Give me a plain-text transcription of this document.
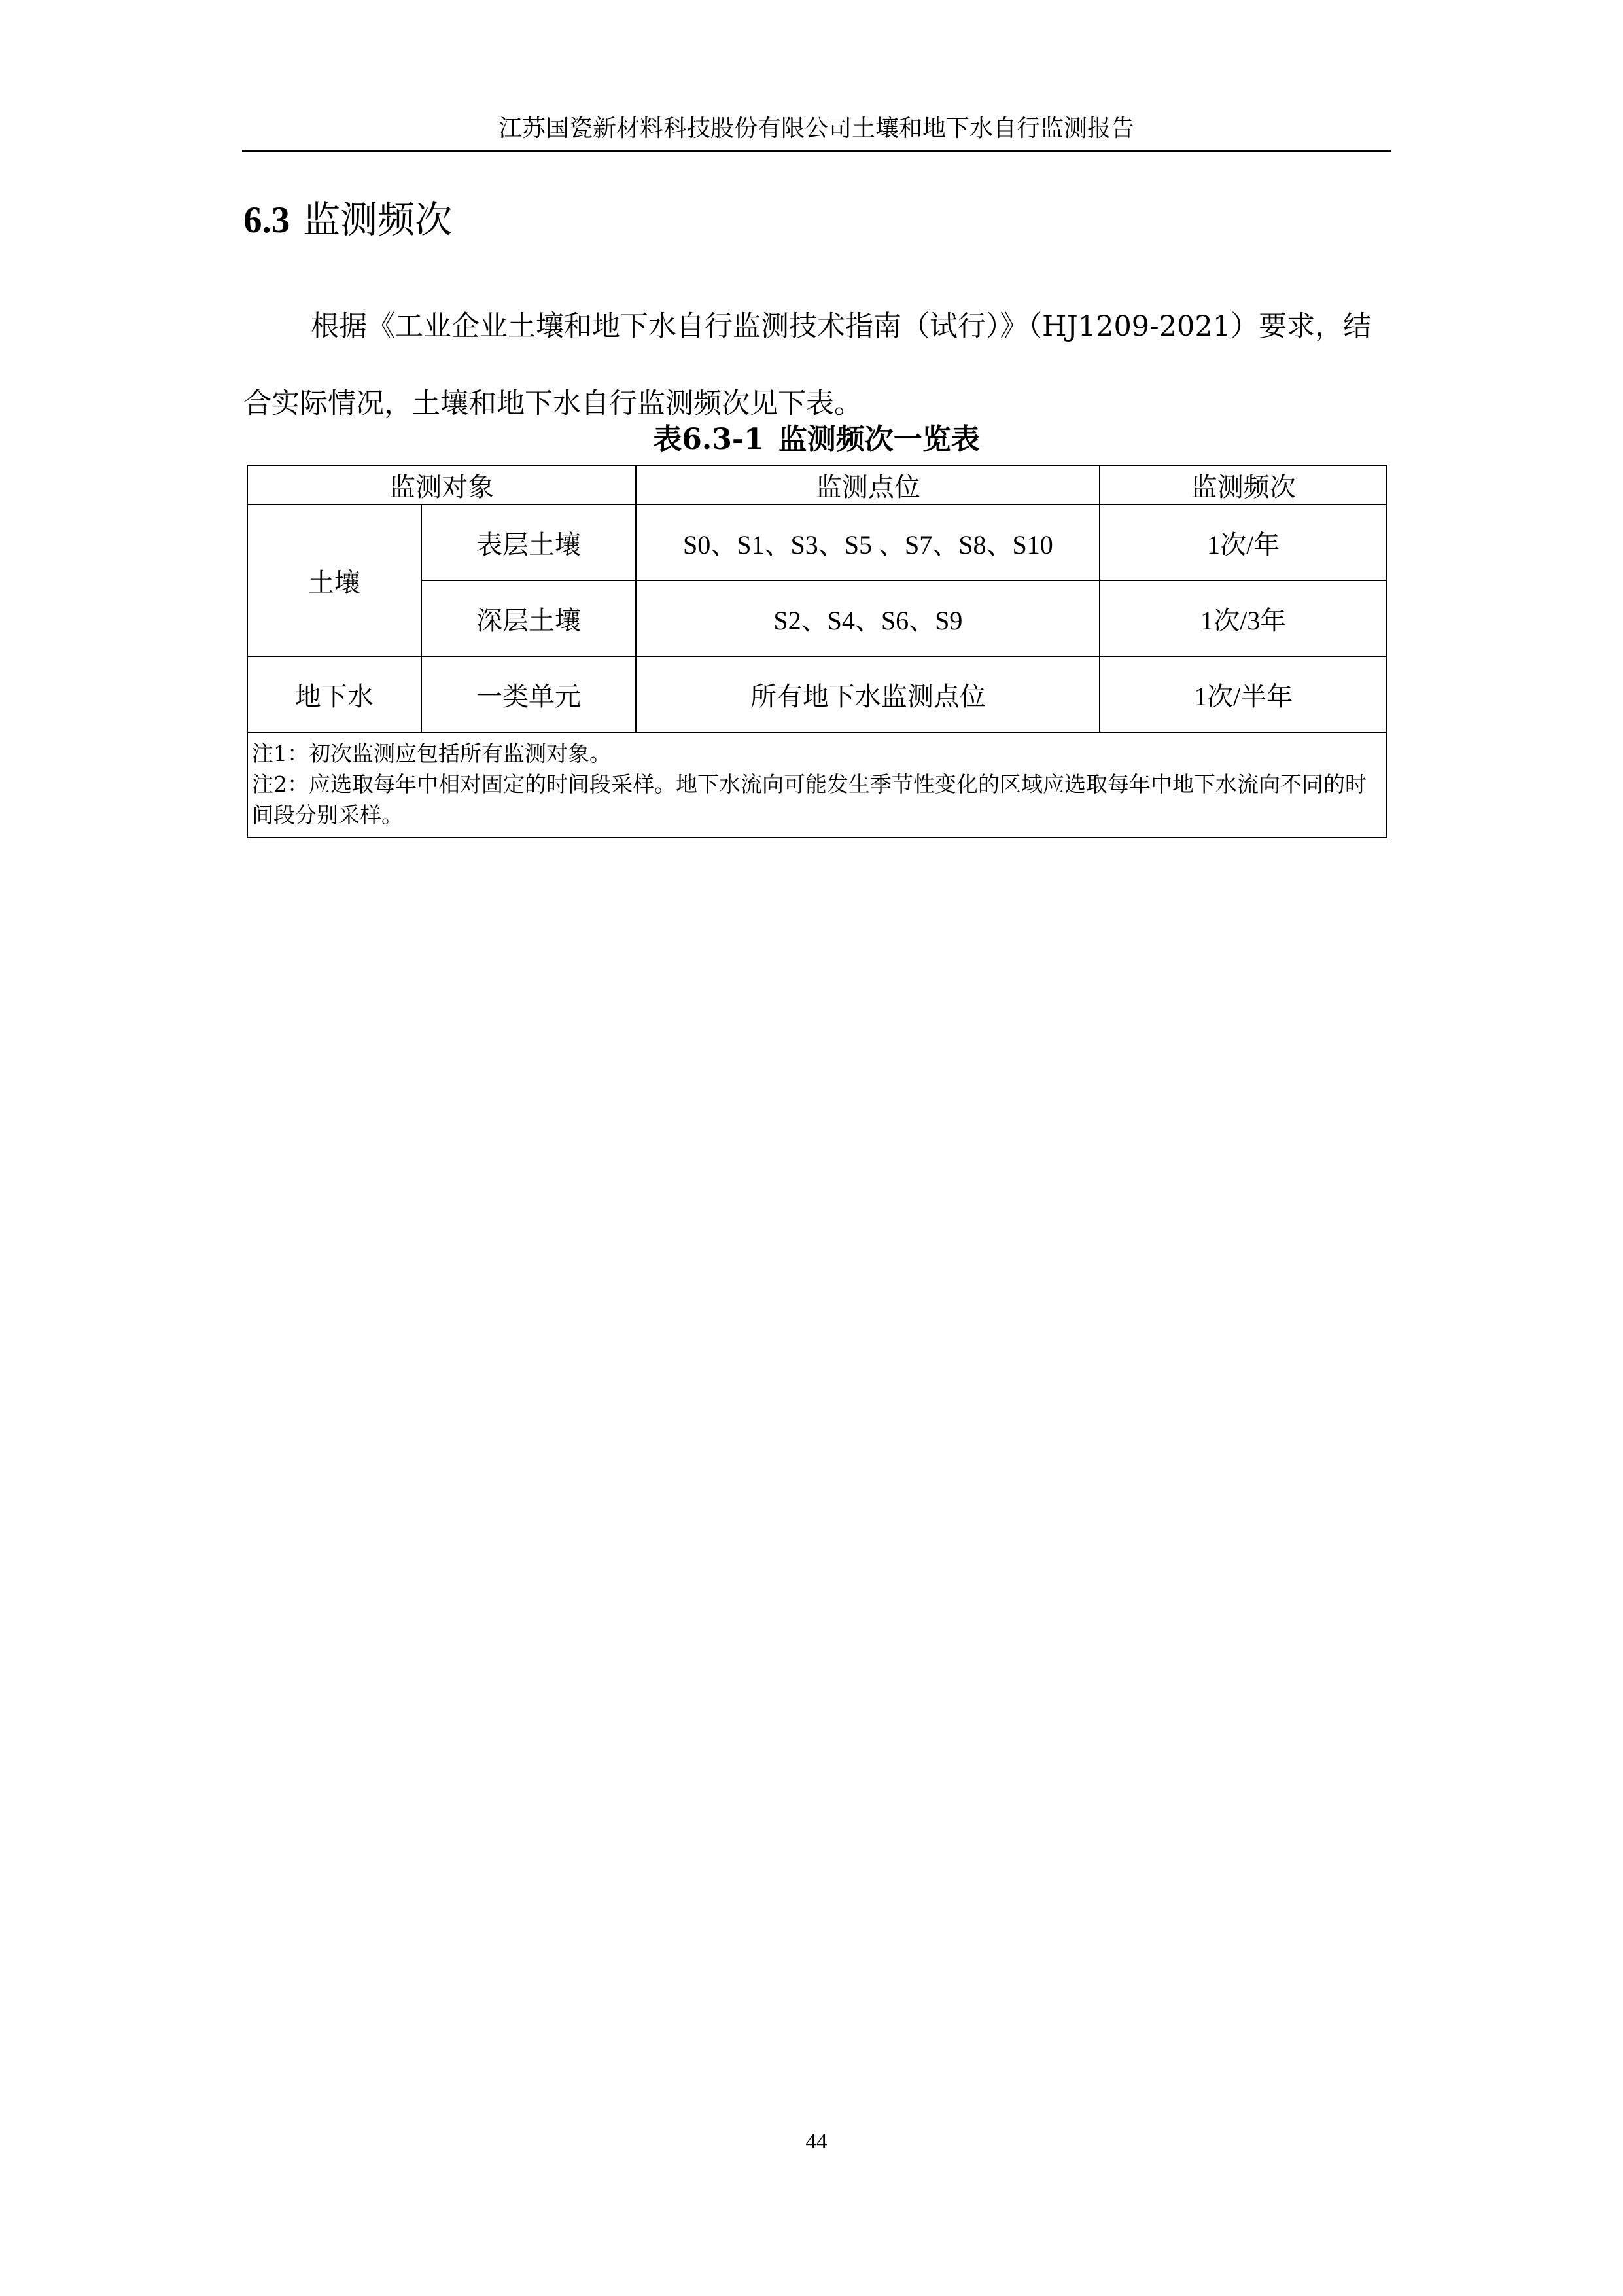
江苏国瓷新材料科技股份有限公司土壤和地下水自行监测报告
6.3 监测频次

根据《工业企业土壤和地下水自行监测技术指南（试行）》（HJ1209-2021）要求，结合实际情况，土壤和地下水自行监测频次见下表。

表6.3-1 监测频次一览表
监测对象		监测点位	监测频次
土壤	表层土壤	S0、S1、S3、S5 、S7、S8、S10	1次/年
	深层土壤	S2、S4、S6、S9	1次/3年
地下水	一类单元	所有地下水监测点位	1次/半年

注1：初次监测应包括所有监测对象。
注2：应选取每年中相对固定的时间段采样。地下水流向可能发生季节性变化的区域应选取每年中地下水流向不同的时间段分别采样。			
44
